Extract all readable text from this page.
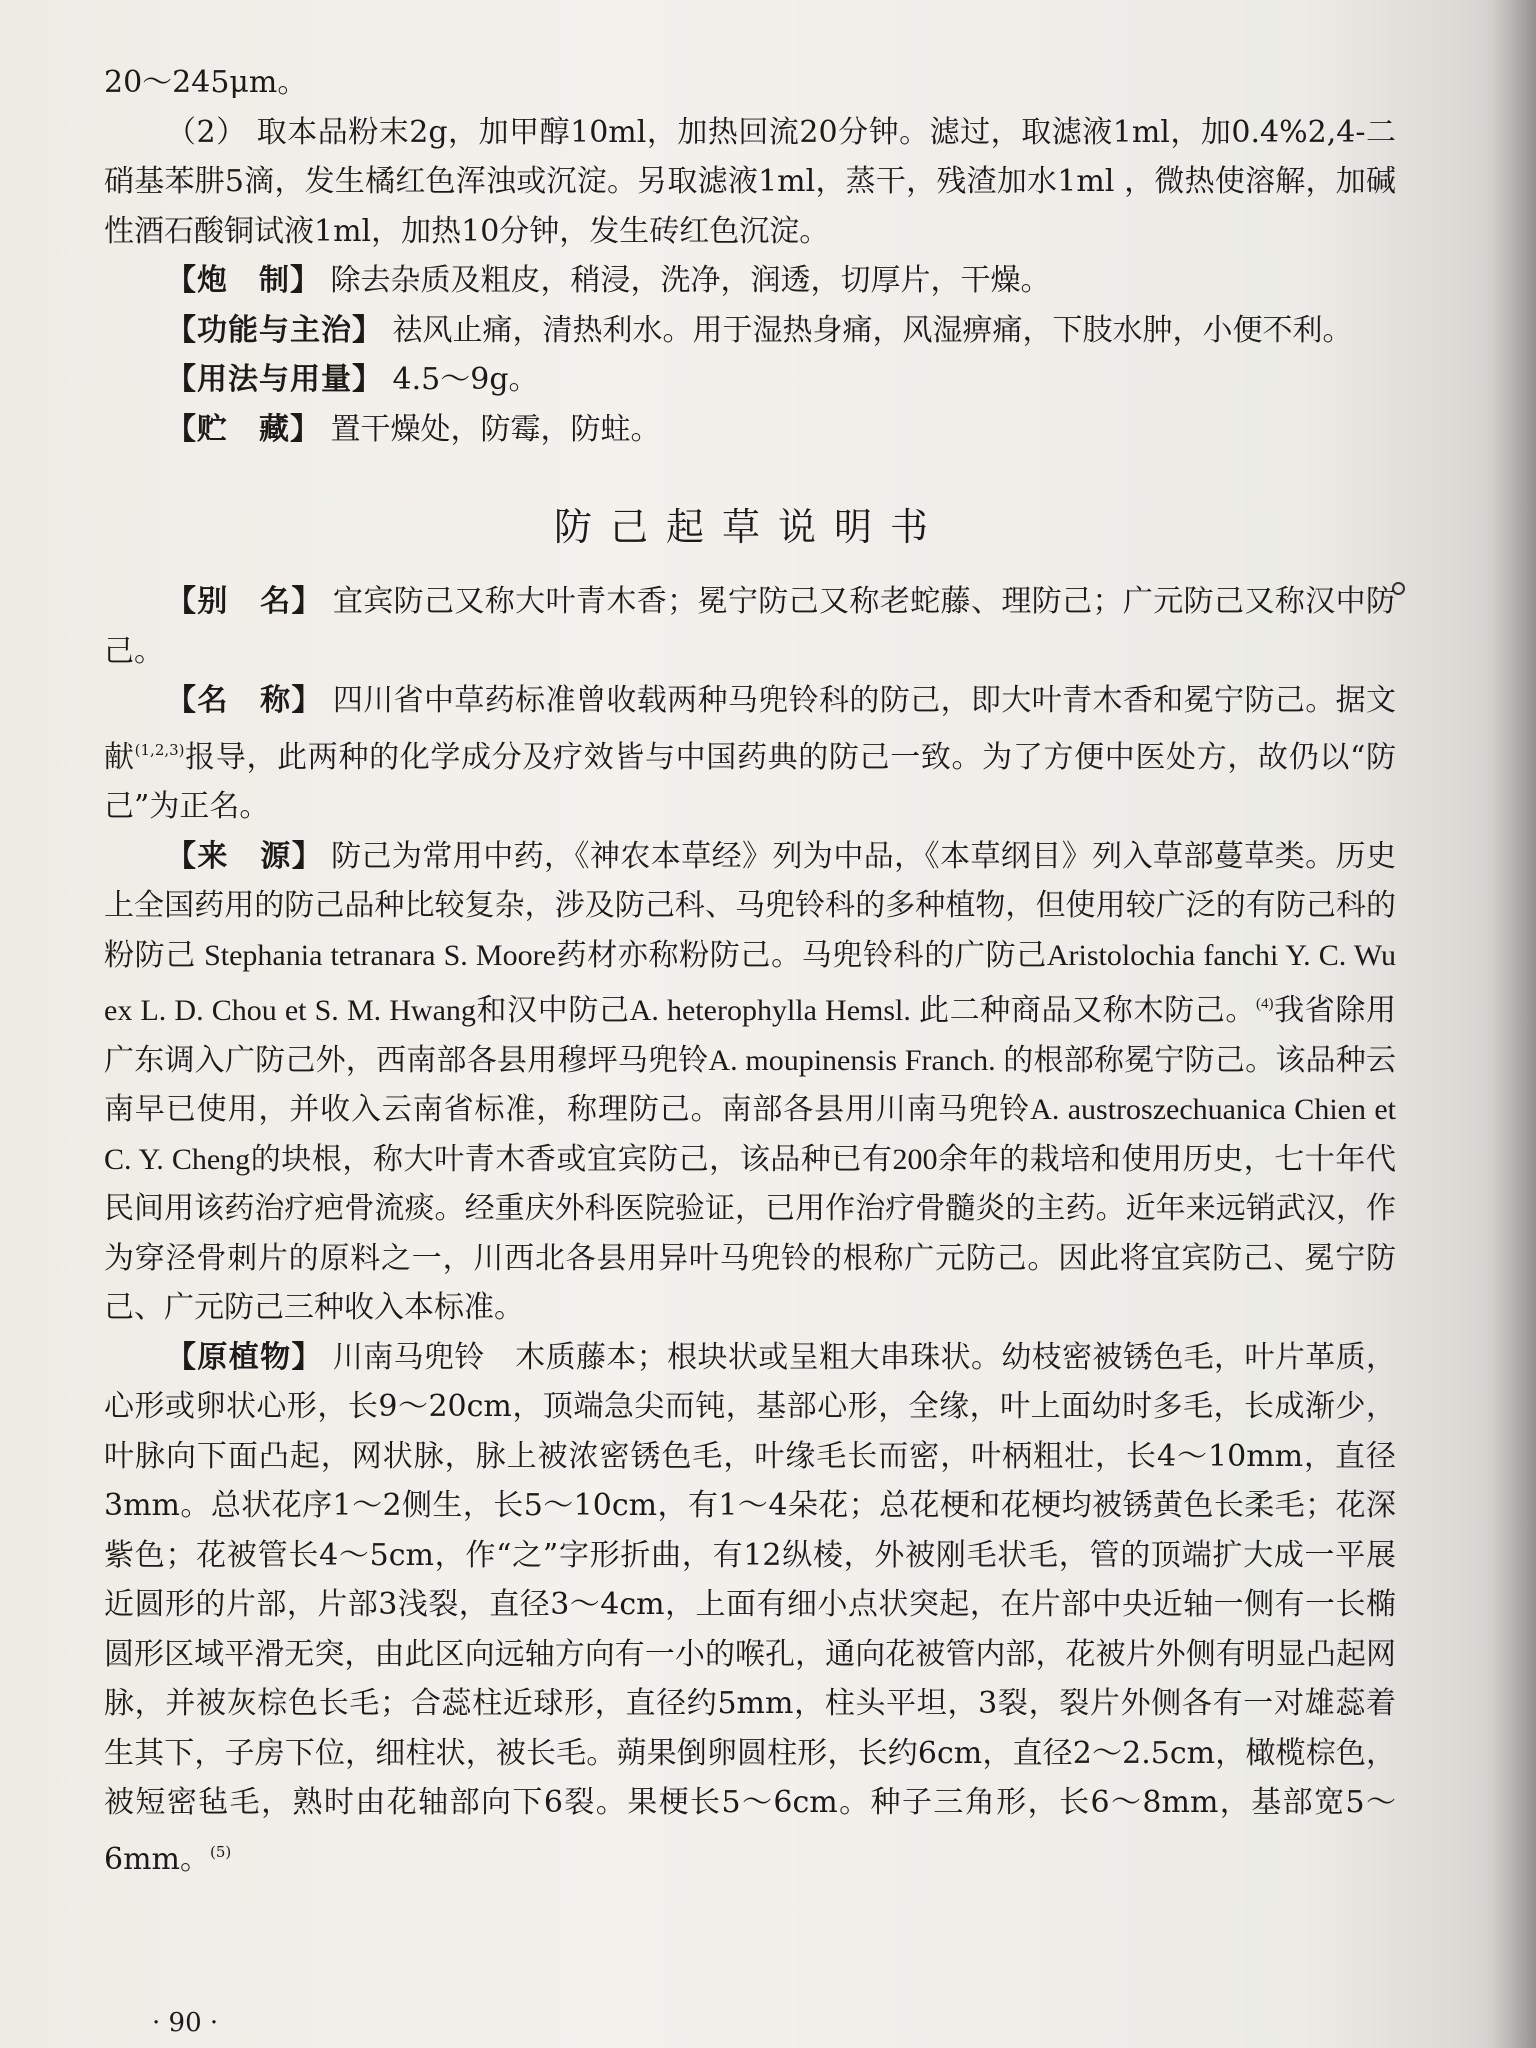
20～245μm。

（2） 取本品粉末2g，加甲醇10ml，加热回流20分钟。滤过，取滤液1ml，加0.4%2,4-二硝基苯肼5滴，发生橘红色浑浊或沉淀。另取滤液1ml，蒸干，残渣加水1ml ，微热使溶解，加碱性酒石酸铜试液1ml，加热10分钟，发生砖红色沉淀。

【炮　制】 除去杂质及粗皮，稍浸，洗净，润透，切厚片，干燥。

【功能与主治】 祛风止痛，清热利水。用于湿热身痛，风湿痹痛，下肢水肿，小便不利。

【用法与用量】 4.5～9g。

【贮　藏】 置干燥处，防霉，防蛀。

防己起草说明书

【别　名】 宜宾防己又称大叶青木香；冕宁防己又称老蛇藤、理防己；广元防己又称汉中防己。

【名　称】 四川省中草药标准曾收载两种马兜铃科的防己，即大叶青木香和冕宁防己。据文献$^{(1,2,3)}$报导，此两种的化学成分及疗效皆与中国药典的防己一致。为了方便中医处方，故仍以“防己”为正名。

【来　源】 防己为常用中药，《神农本草经》列为中品，《本草纲目》列入草部蔓草类。历史上全国药用的防己品种比较复杂，涉及防己科、马兜铃科的多种植物，但使用较广泛的有防己科的粉防己 Stephania tetranara S. Moore药材亦称粉防己。马兜铃科的广防己Aristolochia fanchi Y. C. Wu ex L. D. Chou et S. M. Hwang和汉中防己A. heterophylla Hemsl. 此二种商品又称木防己。$^{(4)}$我省除用广东调入广防己外，西南部各县用穆坪马兜铃A. moupinensis Franch. 的根部称冕宁防己。该品种云南早已使用，并收入云南省标准，称理防己。南部各县用川南马兜铃A. austroszechuanica Chien et C. Y. Cheng的块根，称大叶青木香或宜宾防己，该品种已有200余年的栽培和使用历史，七十年代民间用该药治疗疤骨流痰。经重庆外科医院验证，已用作治疗骨髓炎的主药。近年来远销武汉，作为穿泾骨刺片的原料之一，川西北各县用异叶马兜铃的根称广元防己。因此将宜宾防己、冕宁防己、广元防己三种收入本标准。

【原植物】 川南马兜铃　木质藤本；根块状或呈粗大串珠状。幼枝密被锈色毛，叶片革质，心形或卵状心形，长9～20cm，顶端急尖而钝，基部心形，全缘，叶上面幼时多毛，长成渐少，叶脉向下面凸起，网状脉，脉上被浓密锈色毛，叶缘毛长而密，叶柄粗壮，长4～10mm，直径3mm。总状花序1～2侧生，长5～10cm，有1～4朵花；总花梗和花梗均被锈黄色长柔毛；花深紫色；花被管长4～5cm，作“之”字形折曲，有12纵棱，外被刚毛状毛，管的顶端扩大成一平展近圆形的片部，片部3浅裂，直径3～4cm，上面有细小点状突起，在片部中央近轴一侧有一长椭圆形区域平滑无突，由此区向远轴方向有一小的喉孔，通向花被管内部，花被片外侧有明显凸起网脉，并被灰棕色长毛；合蕊柱近球形，直径约5mm，柱头平坦，3裂，裂片外侧各有一对雄蕊着生其下，子房下位，细柱状，被长毛。蒴果倒卵圆柱形，长约6cm，直径2～2.5cm，橄榄棕色，被短密毡毛，熟时由花轴部向下6裂。果梗长5～6cm。种子三角形，长6～8mm，基部宽5～6mm。$^{(5)}$

· 90 ·
